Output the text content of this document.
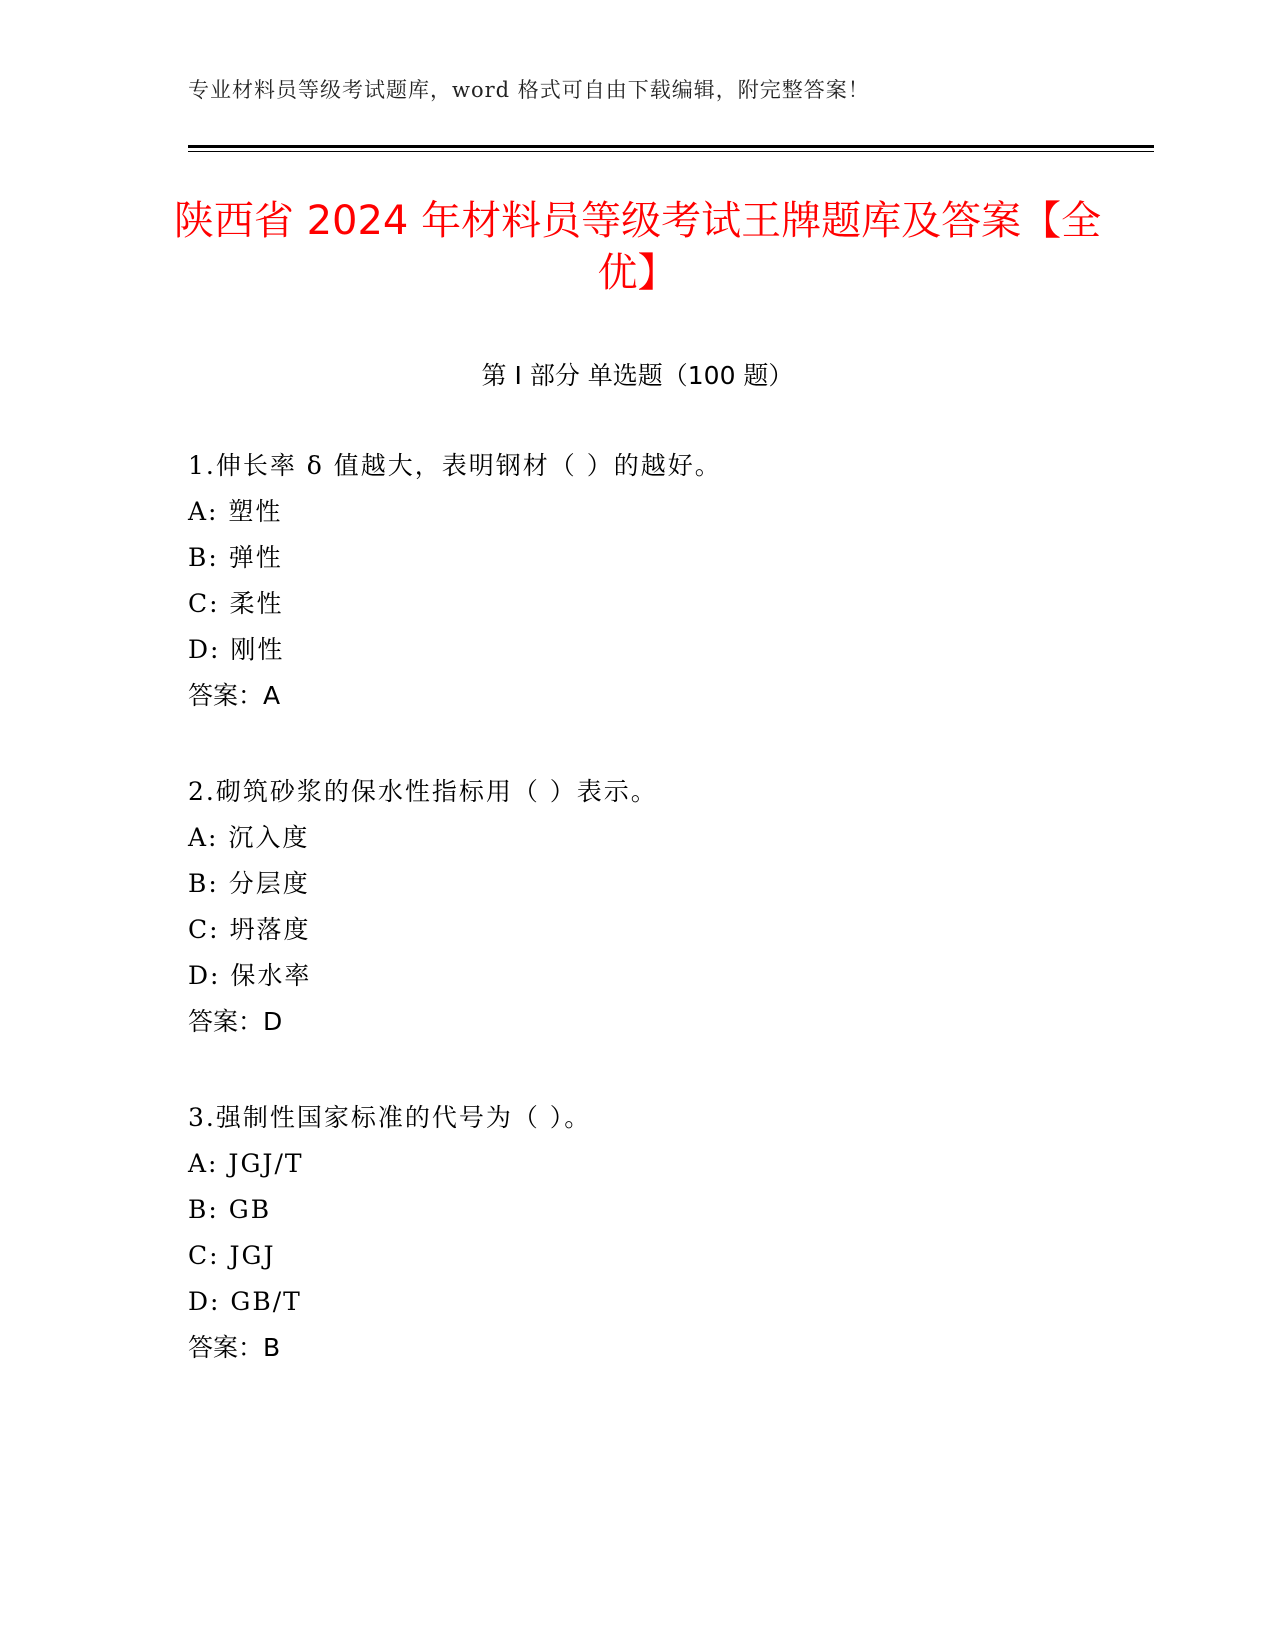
专业材料员等级考试题库，word 格式可自由下载编辑，附完整答案！
陕西省 2024 年材料员等级考试王牌题库及答案【全优】
第 I 部分 单选题（100 题）
1.伸长率 δ 值越大，表明钢材（ ）的越好。
A: 塑性
B: 弹性
C: 柔性
D: 刚性
答案：A
2.砌筑砂浆的保水性指标用（ ）表示。
A: 沉入度
B: 分层度
C: 坍落度
D: 保水率
答案：D
3.强制性国家标准的代号为（ ）。
A: JGJ/T
B: GB
C: JGJ
D: GB/T
答案：B
